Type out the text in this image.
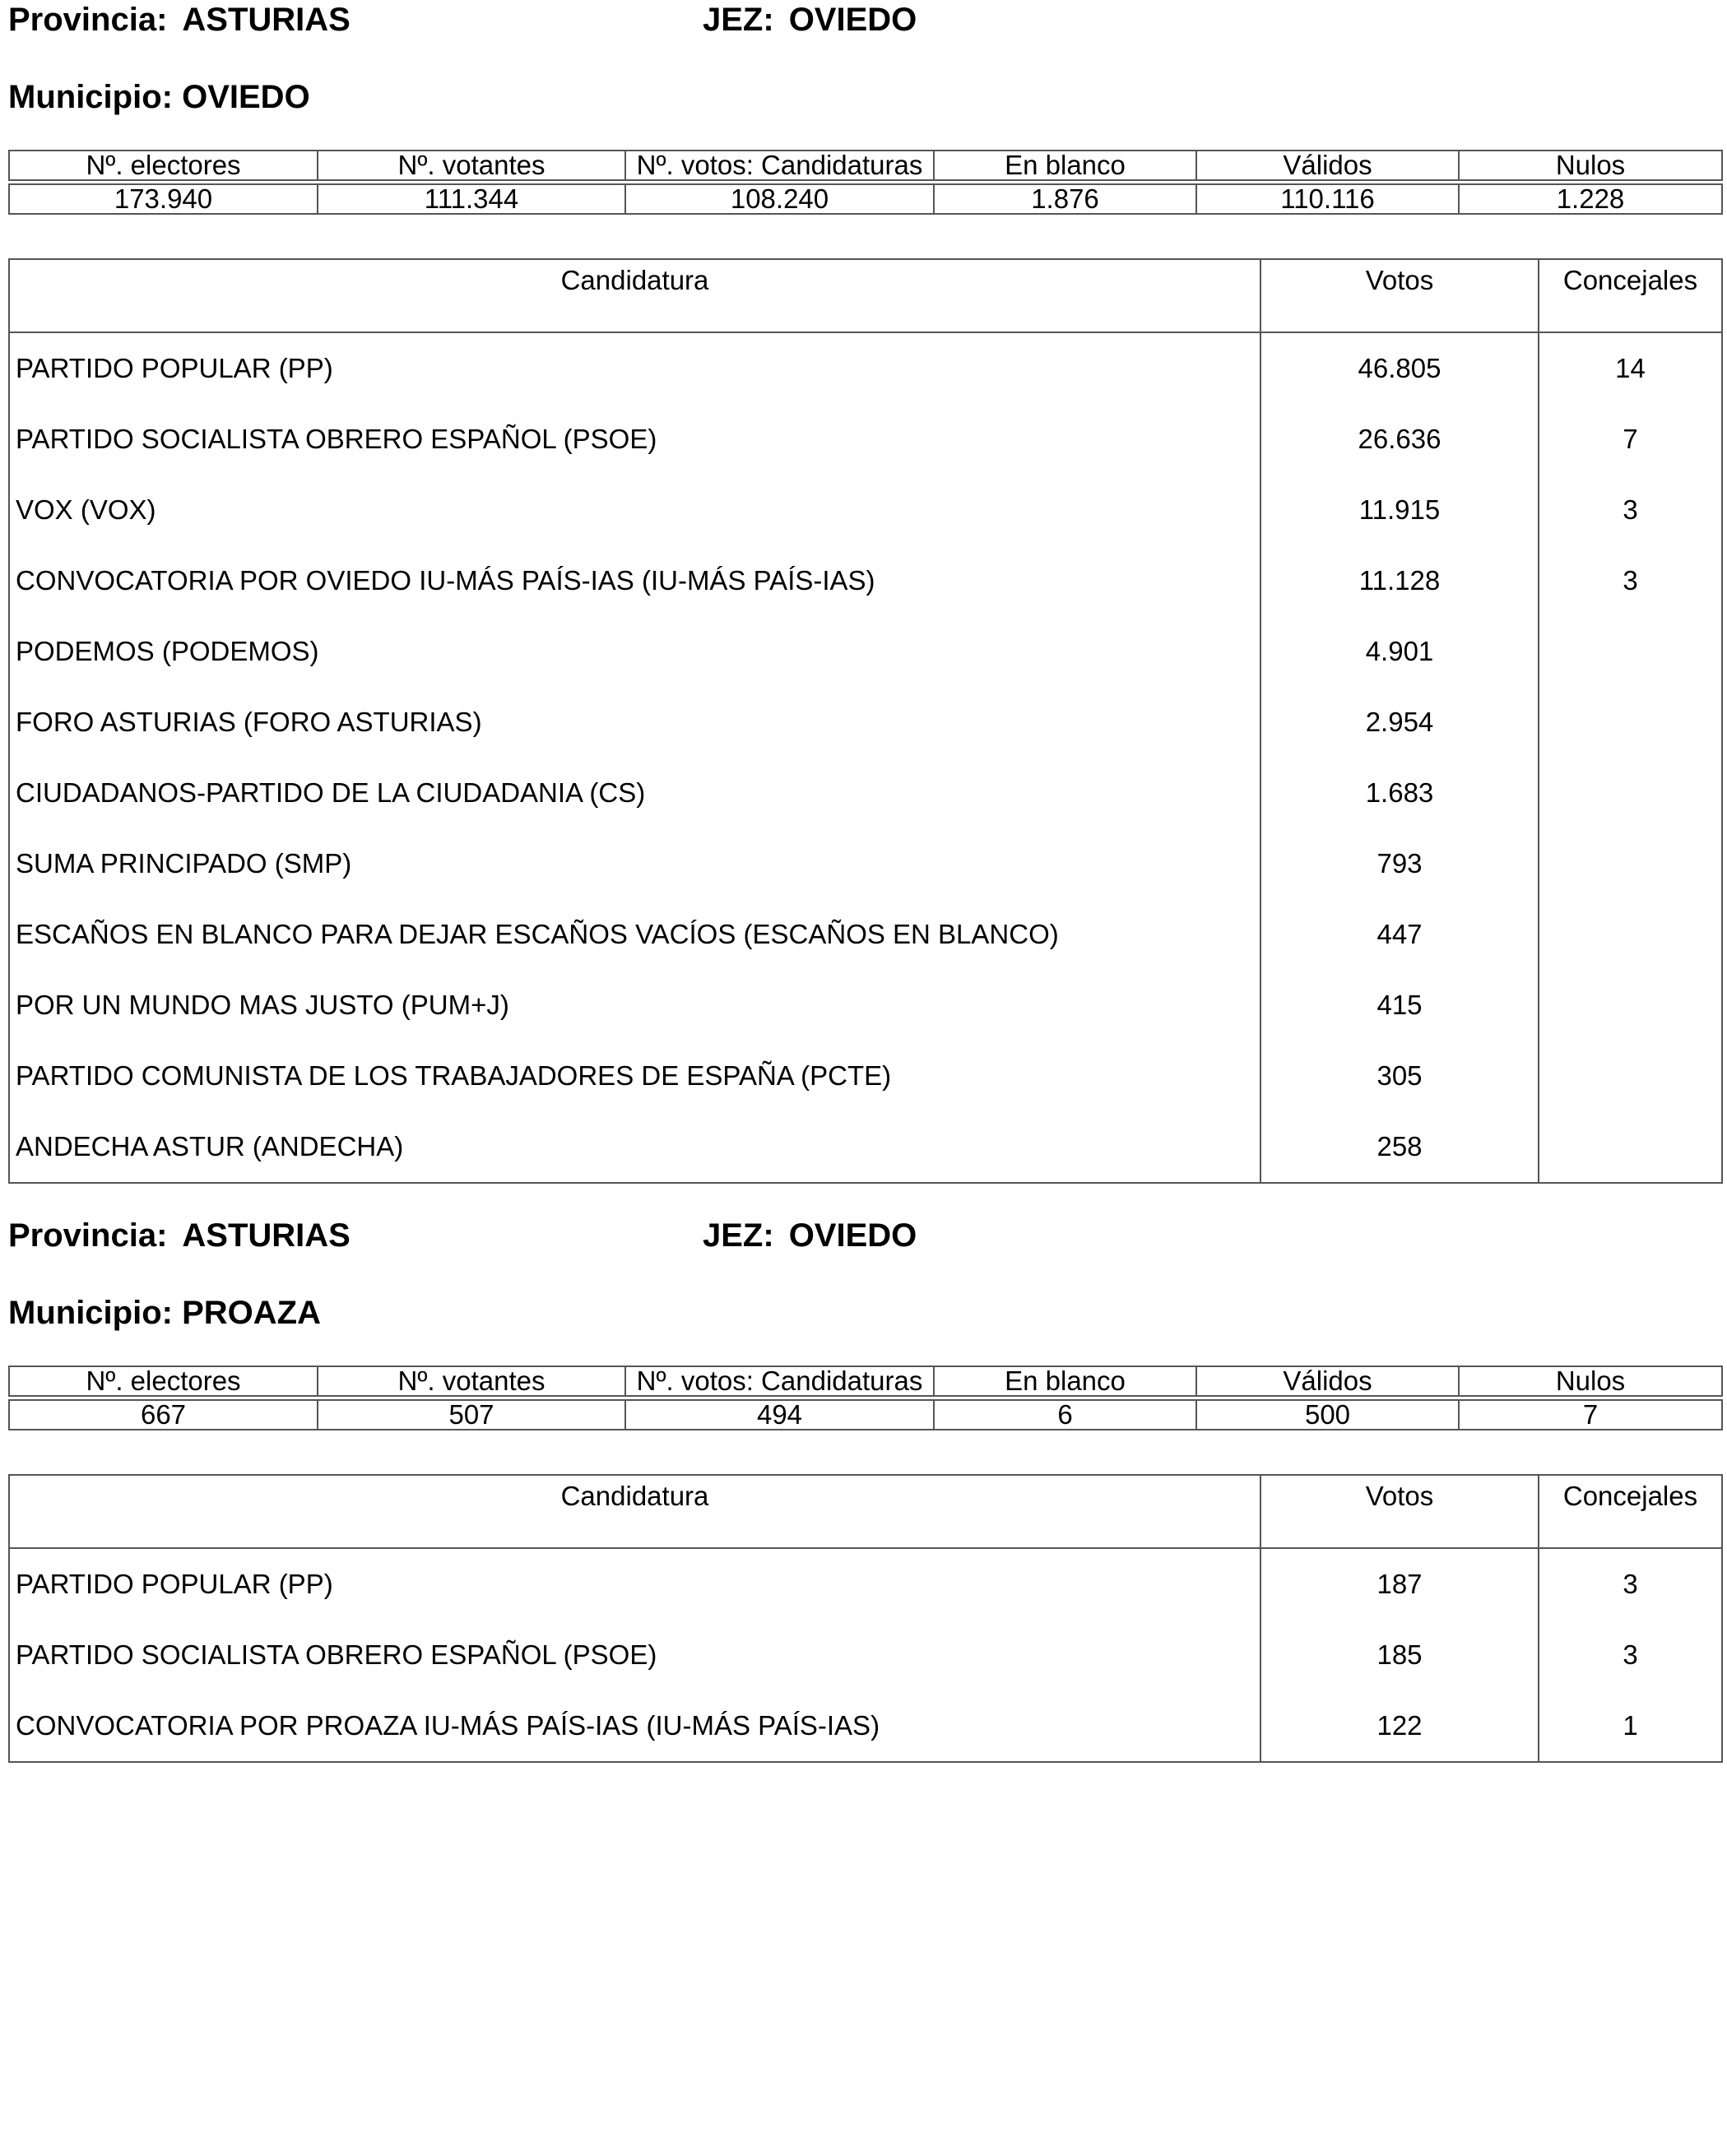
Provincia: ASTURIAS	JEZ: OVIEDO
Municipio: OVIEDO
Nº. electores	Nº. votantes	Nº. votos: Candidaturas	En blanco	Válidos	Nulos

173.940	111.344	108.240	1.876	110.116	1.228
Candidatura	Votos	Concejales
PARTIDO POPULAR (PP)	46.805	14
PARTIDO SOCIALISTA OBRERO ESPAÑOL (PSOE)	26.636	7
VOX (VOX)	11.915	3
CONVOCATORIA POR OVIEDO IU-MÁS PAÍS-IAS (IU-MÁS PAÍS-IAS)	11.128	3
PODEMOS (PODEMOS)	4.901	
FORO ASTURIAS (FORO ASTURIAS)	2.954	
CIUDADANOS-PARTIDO DE LA CIUDADANIA (CS)	1.683	
SUMA PRINCIPADO (SMP)	793	
ESCAÑOS EN BLANCO PARA DEJAR ESCAÑOS VACÍOS (ESCAÑOS EN BLANCO)	447	
POR UN MUNDO MAS JUSTO (PUM+J)	415	
PARTIDO COMUNISTA DE LOS TRABAJADORES DE ESPAÑA (PCTE)	305	
ANDECHA ASTUR (ANDECHA)	258	
Provincia: ASTURIAS	JEZ: OVIEDO
Municipio: PROAZA
Nº. electores	Nº. votantes	Nº. votos: Candidaturas	En blanco	Válidos	Nulos

667	507	494	6	500	7
Candidatura	Votos	Concejales
PARTIDO POPULAR (PP)	187	3
PARTIDO SOCIALISTA OBRERO ESPAÑOL (PSOE)	185	3
CONVOCATORIA POR PROAZA IU-MÁS PAÍS-IAS (IU-MÁS PAÍS-IAS)	122	1
